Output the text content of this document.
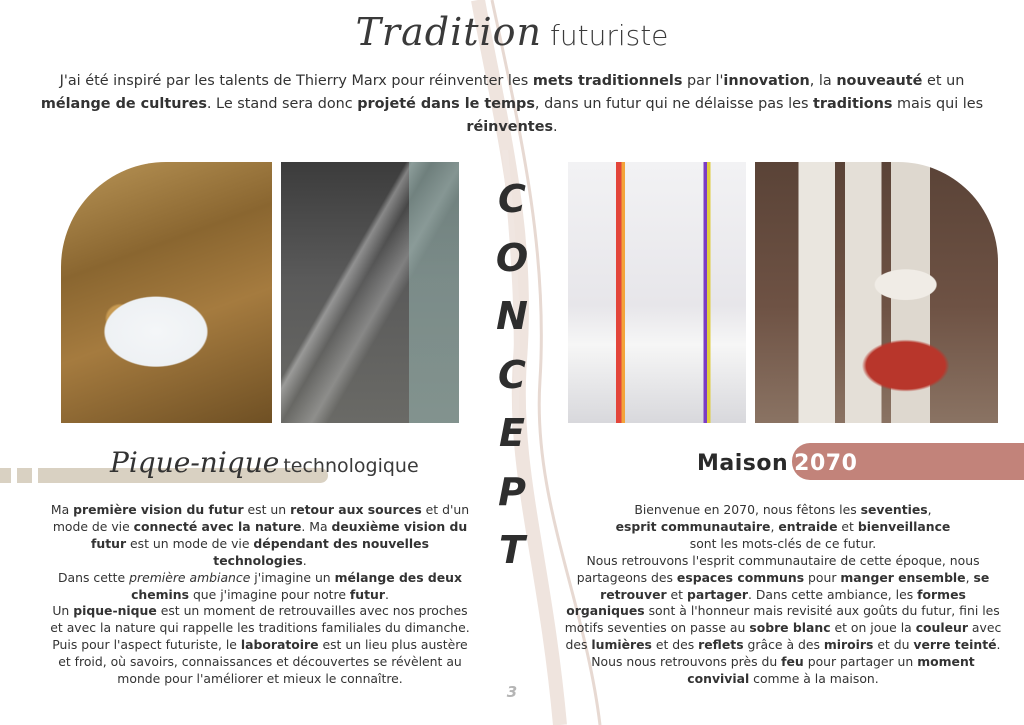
Tradition futuriste
J'ai été inspiré par les talents de Thierry Marx pour réinventer les mets traditionnels par l'innovation, la nouveauté et un mélange de cultures. Le stand sera donc projeté dans le temps, dans un futur qui ne délaisse pas les traditions mais qui les réinventes.
C
O
N
C
E
P
T
Pique-nique technologique
Ma première vision du futur est un retour aux sources et d'un mode de vie connecté avec la nature. Ma deuxième vision du futur est un mode de vie dépendant des nouvelles technologies.
Dans cette première ambiance j'imagine un mélange des deux chemins que j'imagine pour notre futur.
Un pique-nique est un moment de retrouvailles avec nos proches et avec la nature qui rappelle les traditions familiales du dimanche.
Puis pour l'aspect futuriste, le laboratoire est un lieu plus austère et froid, où savoirs, connaissances et découvertes se révèlent au monde pour l'améliorer et mieux le connaître.
Maison 2070
Bienvenue en 2070, nous fêtons les seventies,
esprit communautaire, entraide et bienveillance
sont les mots-clés de ce futur.
Nous retrouvons l'esprit communautaire de cette époque, nous partageons des espaces communs pour manger ensemble, se retrouver et partager. Dans cette ambiance, les formes organiques sont à l'honneur mais revisité aux goûts du futur, fini les motifs seventies on passe au sobre blanc et on joue la couleur avec des lumières et des reflets grâce à des miroirs et du verre teinté. Nous nous retrouvons près du feu pour partager un moment convivial comme à la maison.
3
